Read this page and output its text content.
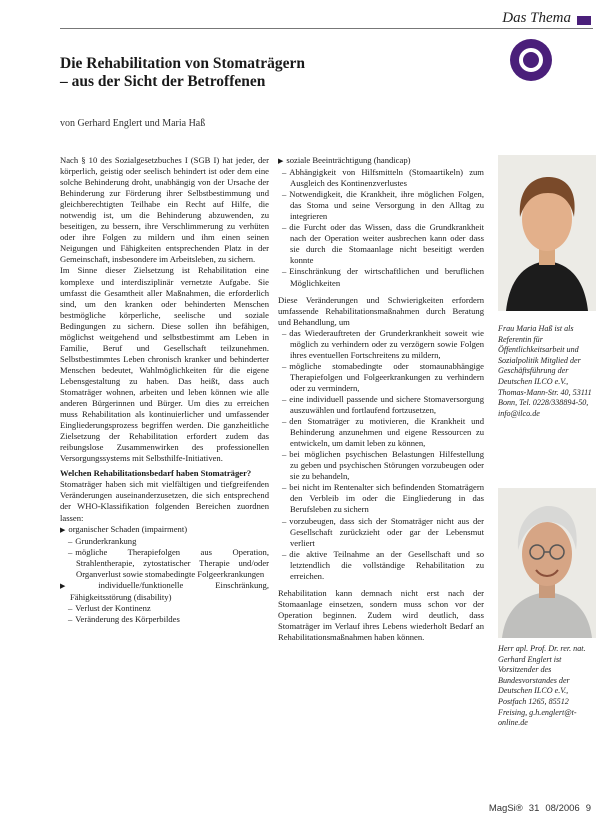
Das Thema
Die Rehabilitation von Stomaträgern
– aus der Sicht der Betroffenen
von Gerhard Englert und Maria Haß

Nach § 10 des Sozialgesetzbuches I (SGB I) hat jeder, der körperlich, geistig oder seelisch behindert ist oder dem eine solche Behinderung droht, unabhängig von der Ursache der Behinderung zur Förderung ihrer Selbstbestimmung und gleichberechtigten Teilhabe ein Recht auf Hilfe, die notwendig ist, um die Behinderung abzuwenden, zu beseitigen, zu bessern, ihre Verschlimmerung zu verhüten oder ihre Folgen zu mildern und ihm einen seinen Neigungen und Fähigkeiten entsprechenden Platz in der Gemeinschaft, insbesondere im Arbeitsleben, zu sichern.

Im Sinne dieser Zielsetzung ist Rehabilitation eine komplexe und interdisziplinär vernetzte Aufgabe. Sie umfasst die Gesamtheit aller Maßnahmen, die erforderlich sind, um den kranken oder behinderten Menschen bestmögliche körperliche, seelische und soziale Bedingungen zu sichern. Diese sollen ihn befähigen, möglichst weitgehend und selbstbestimmt am Leben in Familie, Beruf und Gesellschaft teilzunehmen. Selbstbestimmtes Leben chronisch kranker und behinderter Menschen bedeutet, Wahlmöglichkeiten für die eigene Lebensgestaltung zu haben. Das heißt, dass auch Stomaträger wohnen, arbeiten und leben können wie alle anderen Bürgerinnen und Bürger. Um dies zu erreichen muss Rehabilitation als kontinuierlicher und umfassender Eingliederungsprozess begriffen werden. Die ganzheitliche Zielsetzung der Rehabilitation erfordert zudem das reibungslose Zusammenwirken des professionellen Versorgungssystems mit Selbsthilfe-Initiativen.

Welchen Rehabilitationsbedarf haben Stomaträger?

Stomaträger haben sich mit vielfältigen und tiefgreifenden Veränderungen auseinanderzusetzen, die sich entsprechend der WHO-Klassifikation folgenden Bereichen zuordnen lassen:

▶ organischer Schaden (impairment)

– Grunderkrankung

– mögliche Therapiefolgen aus Operation, Strahlentherapie, zytostatischer Therapie und/oder Organverlust sowie stomabedingte Folgeerkrankungen

▶ individuelle/funktionelle Einschränkung, Fähigkeitsstörung (disability)

– Verlust der Kontinenz

– Veränderung des Körperbildes

▶ soziale Beeinträchtigung (handicap)

– Abhängigkeit von Hilfsmitteln (Stomaartikeln) zum Ausgleich des Kontinenzverlustes

– Notwendigkeit, die Krankheit, ihre möglichen Folgen, das Stoma und seine Versorgung in den Alltag zu integrieren

– die Furcht oder das Wissen, dass die Grundkrankheit nach der Operation weiter ausbrechen kann oder dass sie durch die Stomaanlage nicht beseitigt werden konnte

– Einschränkung der wirtschaftlichen und beruflichen Möglichkeiten

Diese Veränderungen und Schwierigkeiten erfordern umfassende Rehabilitationsmaßnahmen durch Beratung und Behandlung, um

– das Wiederauftreten der Grunderkrankheit soweit wie möglich zu verhindern oder zu verzögern sowie Folgen ihres eventuellen Fortschreitens zu mildern,

– mögliche stomabedingte oder stomaunabhängige Therapiefolgen und Folgeerkrankungen zu verhindern oder zu vermindern,

– eine individuell passende und sichere Stomaversorgung auszuwählen und fortlaufend fortzusetzen,

– den Stomaträger zu motivieren, die Krankheit und Behinderung anzunehmen und eigene Ressourcen zu entwickeln, um damit leben zu können,

– bei möglichen psychischen Belastungen Hilfestellung zu geben und psychischen Störungen vorzubeugen oder sie zu behandeln,

– bei nicht im Rentenalter sich befindenden Stomaträgern den Verbleib im oder die Eingliederung in das Berufsleben zu sichern

– vorzubeugen, dass sich der Stomaträger nicht aus der Gesellschaft zurückzieht oder gar der Lebensmut verliert

– die aktive Teilnahme an der Gesellschaft und so letztendlich die vollständige Rehabilitation zu erreichen.

Rehabilitation kann demnach nicht erst nach der Stomaanlage einsetzen, sondern muss schon vor der Operation beginnen. Zudem wird deutlich, dass Stomaträger im Verlauf ihres Lebens wiederholt Bedarf an Rehabilitationsmaßnahmen haben können.

Frau Maria Haß ist als Referentin für Öffentlichkeitsarbeit und Sozialpolitik Mitglied der Geschäftsführung der Deutschen ILCO e.V., Thomas-Mann-Str. 40, 53111 Bonn, Tel. 0228/338894-50, info@ilco.de
Herr apl. Prof. Dr. rer. nat. Gerhard Englert ist Vorsitzender des Bundesvorstandes der Deutschen ILCO e.V., Postfach 1265, 85512 Freising, g.h.englert@t-online.de
MagSi® 31 08/2006 9
